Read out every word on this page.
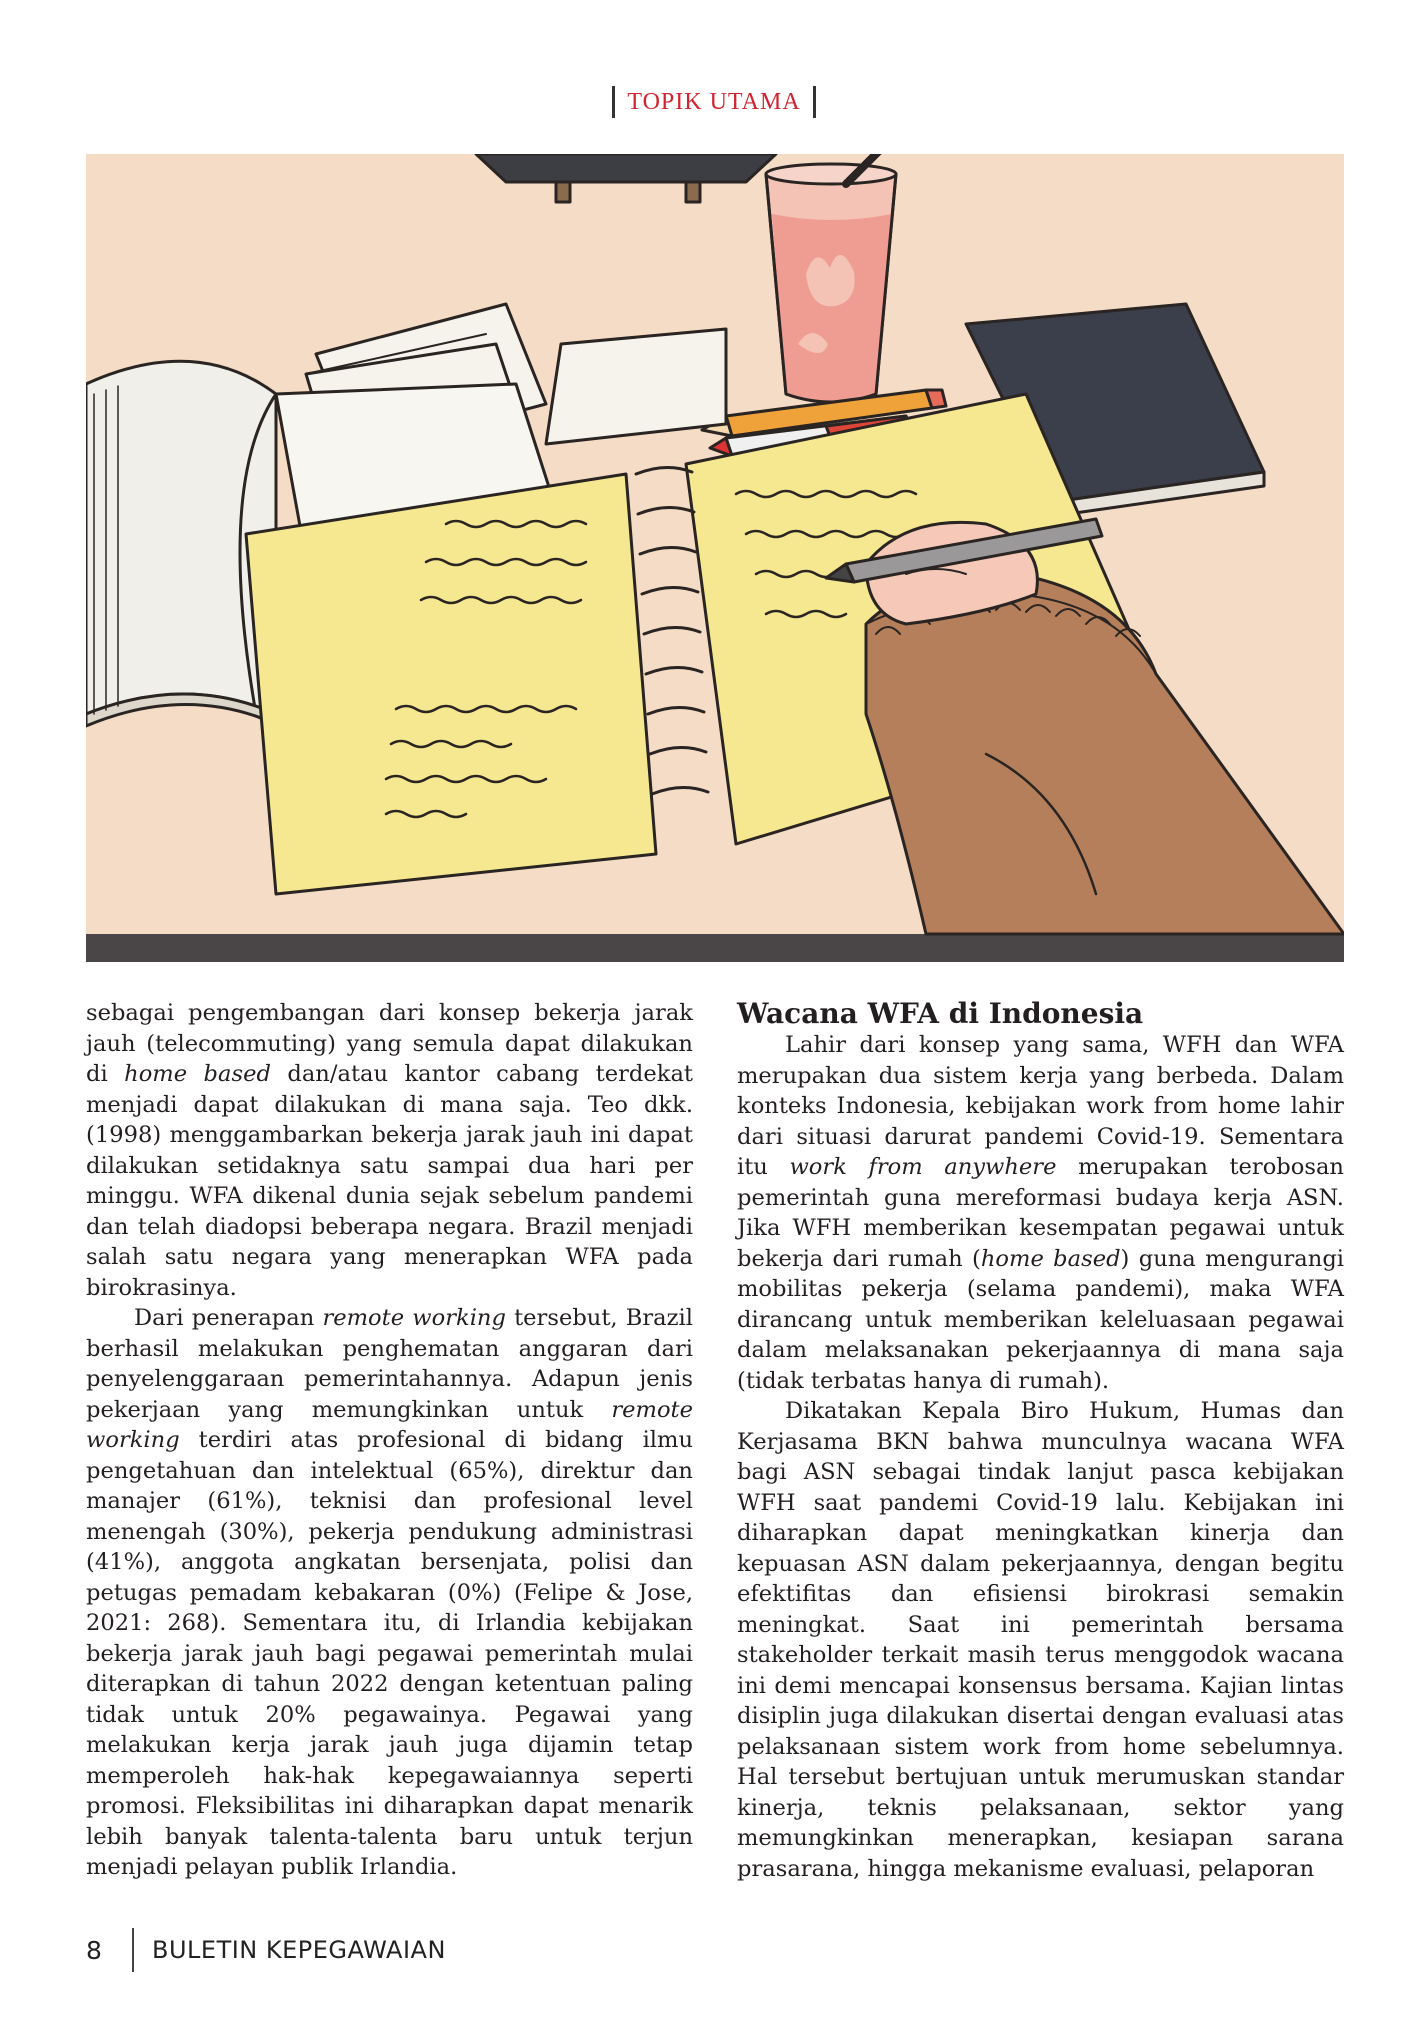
TOPIK UTAMA

sebagai pengembangan dari konsep bekerja jarak jauh (telecommuting) yang semula dapat dilakukan di home based dan/atau kantor cabang terdekat menjadi dapat dilakukan di mana saja. Teo dkk. (1998) menggambarkan bekerja jarak jauh ini dapat dilakukan setidaknya satu sampai dua hari per minggu. WFA dikenal dunia sejak sebelum pandemi dan telah diadopsi beberapa negara. Brazil menjadi salah satu negara yang menerapkan WFA pada birokrasinya.

Dari penerapan remote working tersebut, Brazil berhasil melakukan penghematan anggaran dari penyelenggaraan pemerintahannya. Adapun jenis pekerjaan yang memungkinkan untuk remote working terdiri atas profesional di bidang ilmu pengetahuan dan intelektual (65%), direktur dan manajer (61%), teknisi dan profesional level menengah (30%), pekerja pendukung administrasi (41%), anggota angkatan bersenjata, polisi dan petugas pemadam kebakaran (0%) (Felipe & Jose, 2021: 268). Sementara itu, di Irlandia kebijakan bekerja jarak jauh bagi pegawai pemerintah mulai diterapkan di tahun 2022 dengan ketentuan paling tidak untuk 20% pegawainya. Pegawai yang melakukan kerja jarak jauh juga dijamin tetap memperoleh hak-hak kepegawaiannya seperti promosi. Fleksibilitas ini diharapkan dapat menarik lebih banyak talenta-talenta baru untuk terjun menjadi pelayan publik Irlandia.

Wacana WFA di Indonesia

Lahir dari konsep yang sama, WFH dan WFA merupakan dua sistem kerja yang berbeda. Dalam konteks Indonesia, kebijakan work from home lahir dari situasi darurat pandemi Covid-19. Sementara itu work from anywhere merupakan terobosan pemerintah guna mereformasi budaya kerja ASN. Jika WFH memberikan kesempatan pegawai untuk bekerja dari rumah (home based) guna mengurangi mobilitas pekerja (selama pandemi), maka WFA dirancang untuk memberikan keleluasaan pegawai dalam melaksanakan pekerjaannya di mana saja (tidak terbatas hanya di rumah).

Dikatakan Kepala Biro Hukum, Humas dan Kerjasama BKN bahwa munculnya wacana WFA bagi ASN sebagai tindak lanjut pasca kebijakan WFH saat pandemi Covid-19 lalu. Kebijakan ini diharapkan dapat meningkatkan kinerja dan kepuasan ASN dalam pekerjaannya, dengan begitu efektifitas dan efisiensi birokrasi semakin meningkat. Saat ini pemerintah bersama stakeholder terkait masih terus menggodok wacana ini demi mencapai konsensus bersama. Kajian lintas disiplin juga dilakukan disertai dengan evaluasi atas pelaksanaan sistem work from home sebelumnya. Hal tersebut bertujuan untuk merumuskan standar kinerja, teknis pelaksanaan, sektor yang memungkinkan menerapkan, kesiapan sarana prasarana, hingga mekanisme evaluasi, pelaporan

8	BULETIN KEPEGAWAIAN
